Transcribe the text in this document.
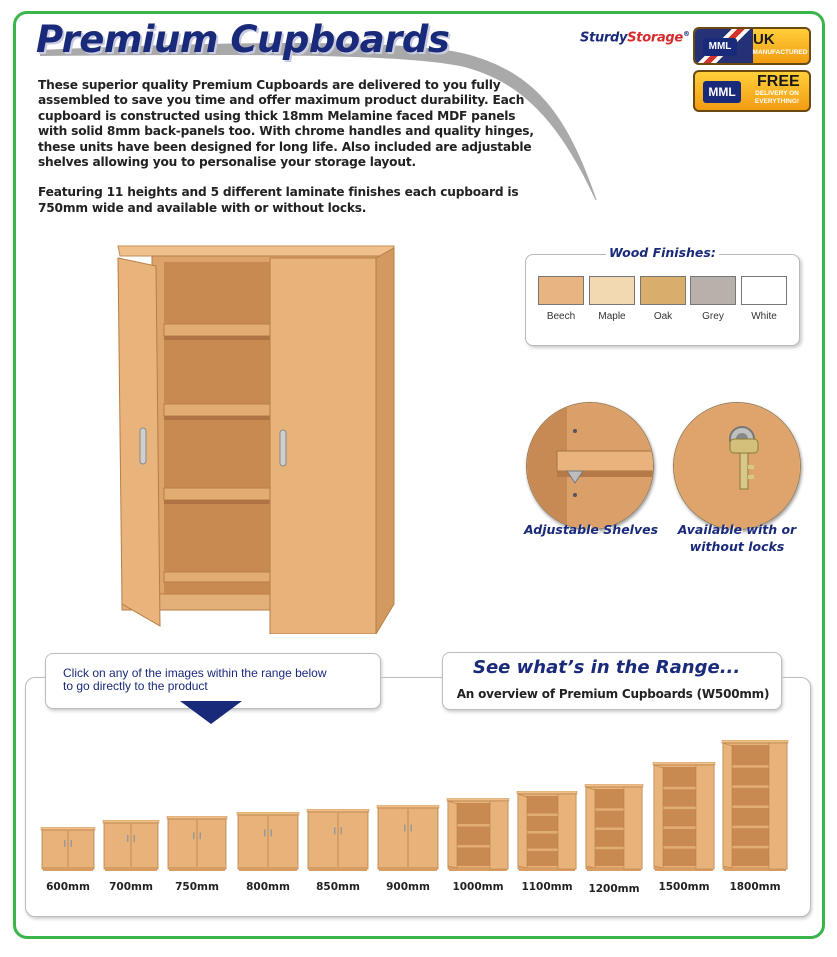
Premium Cupboards	SturdyStorage®
MML	UK
MANUFACTURED
MML
FREE
DELIVERY ON EVERYTHING!

These superior quality Premium Cupboards are delivered to you fully assembled to save you time and offer maximum product durability. Each cupboard is constructed using thick 18mm Melamine faced MDF panels with solid 8mm back-panels too. With chrome handles and quality hinges, these units have been designed for long life. Also included are adjustable shelves allowing you to personalise your storage layout.

Featuring 11 heights and 5 different laminate finishes each cupboard is 750mm wide and available with or without locks.

Wood Finishes:
Beech	Maple	Oak	Grey	White
Adjustable Shelves	Available with or
without locks
Click on any of the images within the range below
to go directly to the product
See what’s in the Range...
An overview of Premium Cupboards (W500mm)
600mm	700mm	750mm	800mm	850mm	900mm	1000mm	1100mm	1200mm	1500mm	1800mm
